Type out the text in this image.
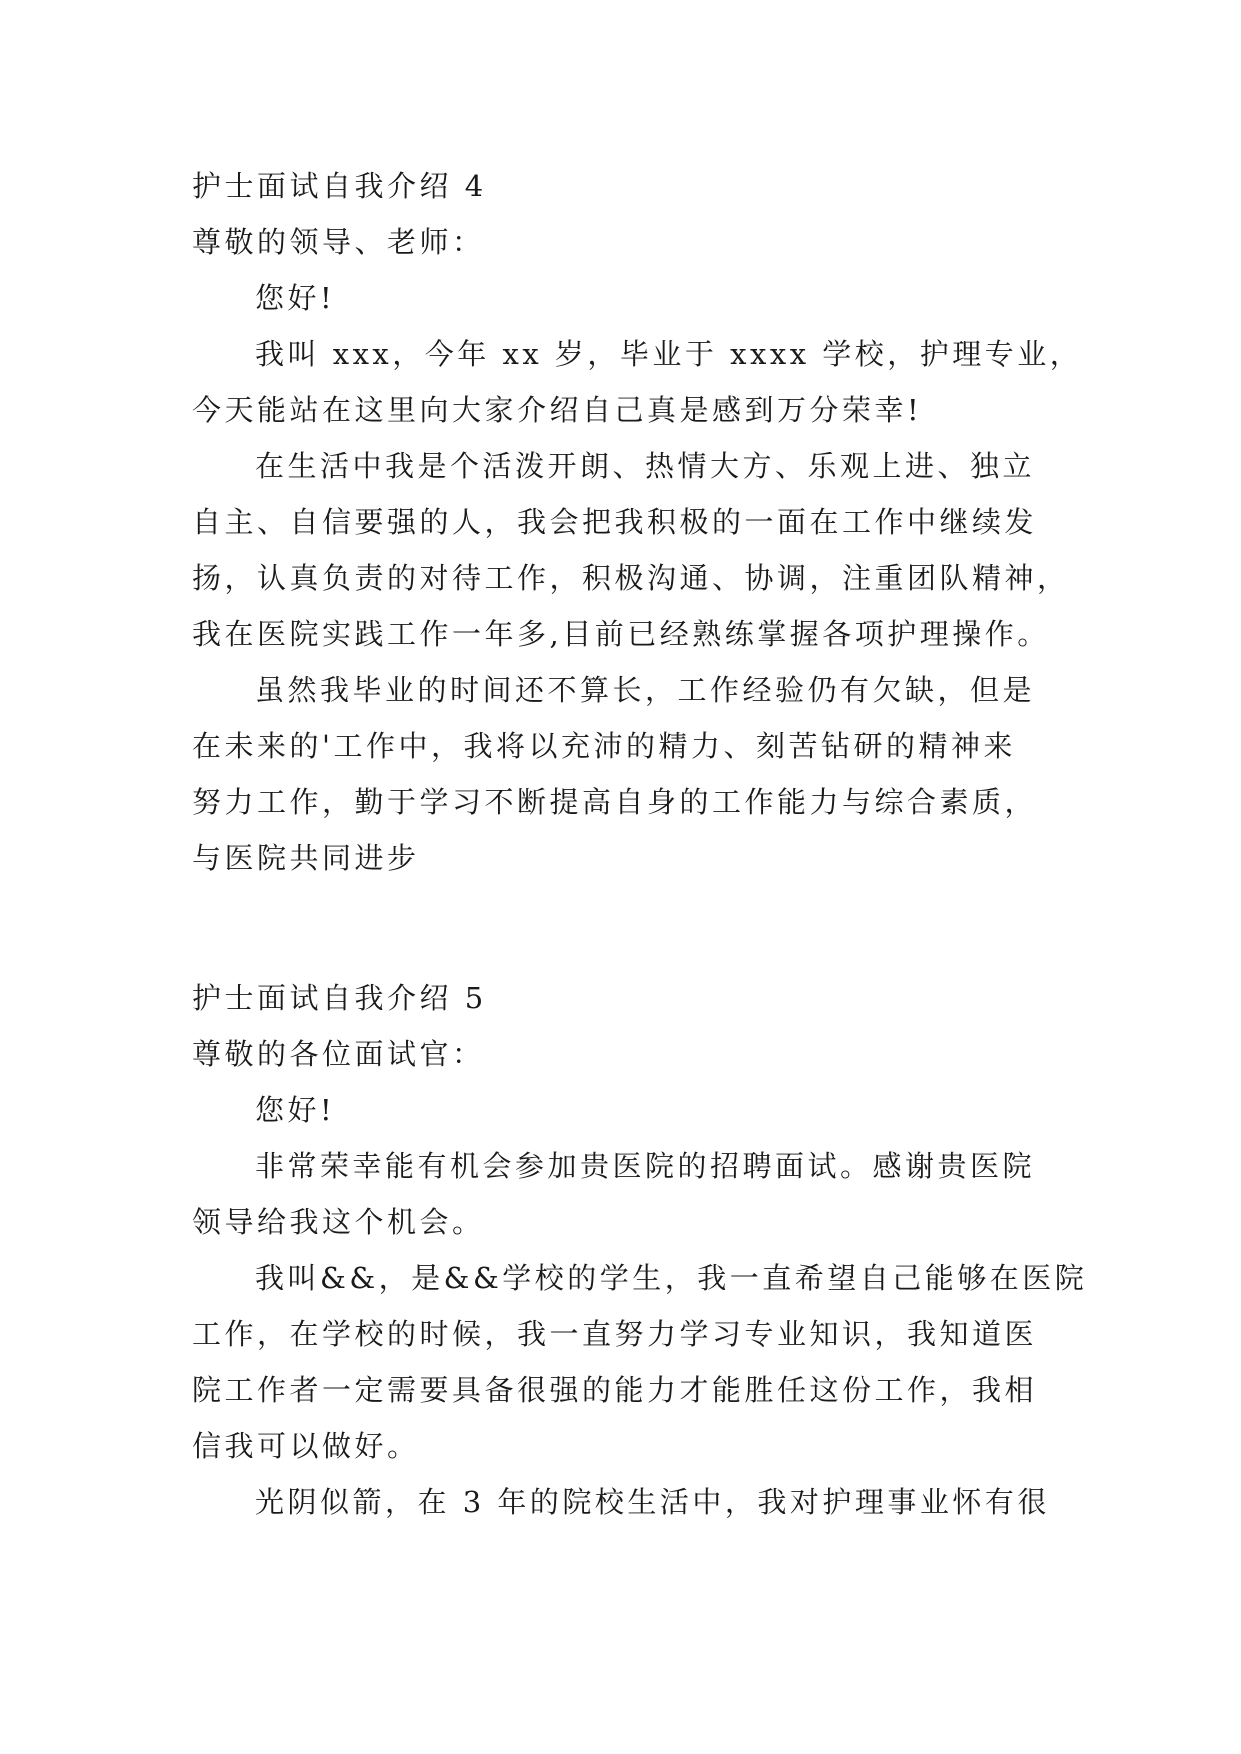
护士面试自我介绍 4
尊敬的领导、老师：
您好!
我叫 xxx，今年 xx 岁，毕业于 xxxx 学校，护理专业，
今天能站在这里向大家介绍自己真是感到万分荣幸!
在生活中我是个活泼开朗、热情大方、乐观上进、独立
自主、自信要强的人，我会把我积极的一面在工作中继续发
扬，认真负责的对待工作，积极沟通、协调，注重团队精神，
我在医院实践工作一年多,目前已经熟练掌握各项护理操作。
虽然我毕业的时间还不算长，工作经验仍有欠缺，但是
在未来的'工作中，我将以充沛的精力、刻苦钻研的精神来
努力工作，勤于学习不断提高自身的工作能力与综合素质，
与医院共同进步
护士面试自我介绍 5
尊敬的各位面试官：
您好!
非常荣幸能有机会参加贵医院的招聘面试。感谢贵医院
领导给我这个机会。
我叫&&，是&&学校的学生，我一直希望自己能够在医院
工作，在学校的时候，我一直努力学习专业知识，我知道医
院工作者一定需要具备很强的能力才能胜任这份工作，我相
信我可以做好。
光阴似箭，在 3 年的院校生活中，我对护理事业怀有很
